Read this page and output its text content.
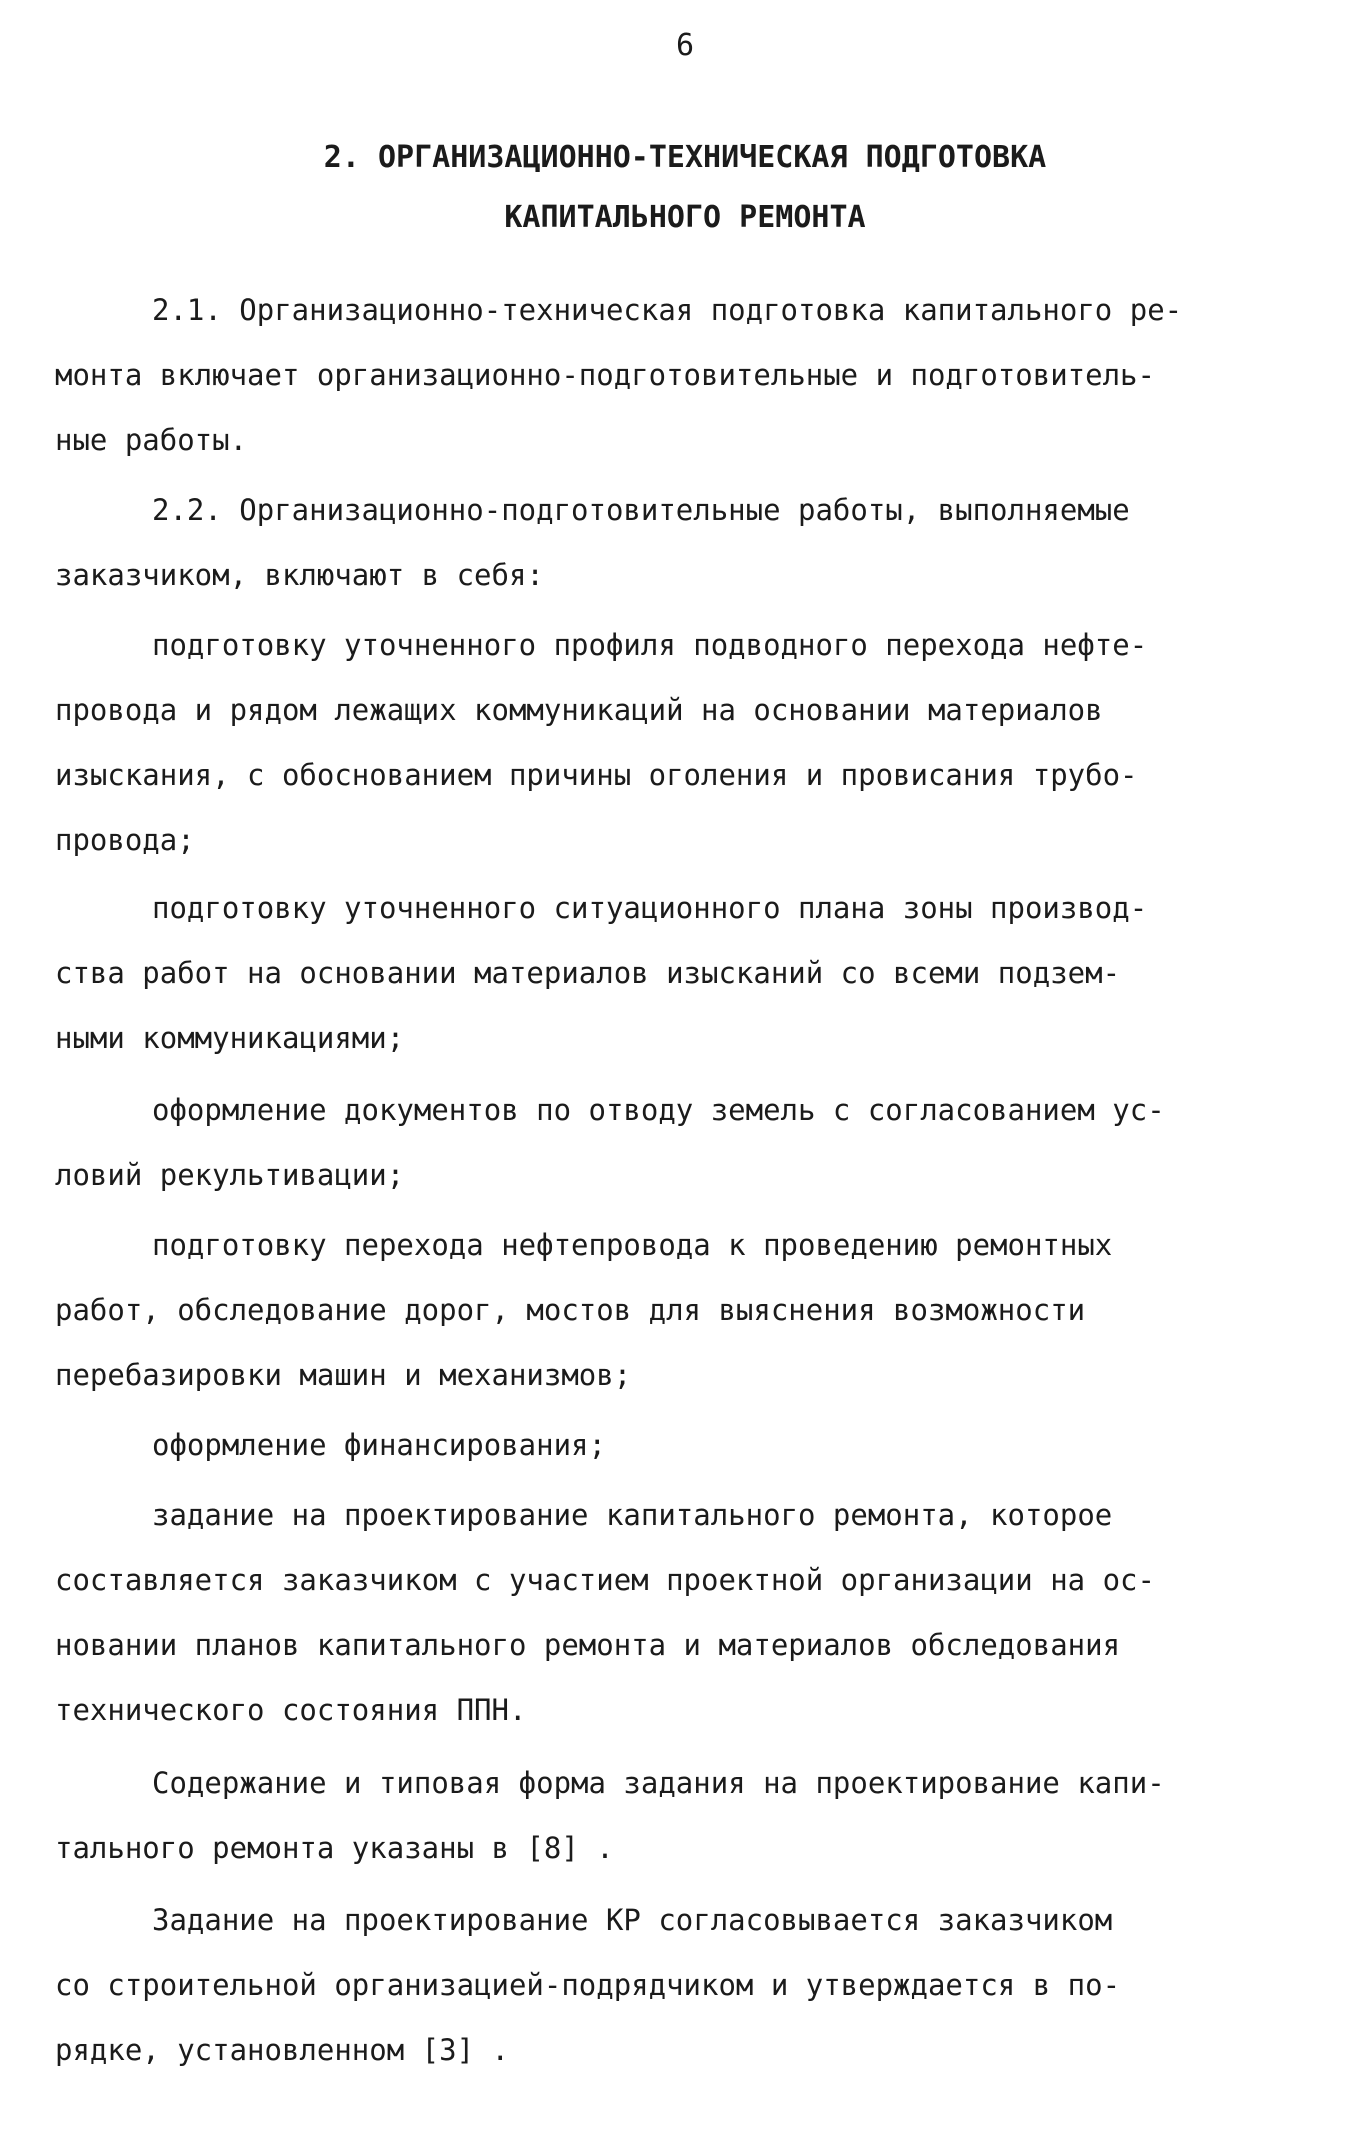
6
2. ОРГАНИЗАЦИОННО-ТЕХНИЧЕСКАЯ ПОДГОТОВКА
КАПИТАЛЬНОГО РЕМОНТА
2.1. Организационно-техническая подготовка капитального ре-
монта включает организационно-подготовительные и подготовитель-
ные работы.
2.2. Организационно-подготовительные работы, выполняемые
заказчиком, включают в себя:
подготовку уточненного профиля подводного перехода нефте-
провода и рядом лежащих коммуникаций на основании материалов
изыскания, с обоснованием причины оголения и провисания трубо-
провода;
подготовку уточненного ситуационного плана зоны производ-
ства работ на основании материалов изысканий со всеми подзем-
ными коммуникациями;
оформление документов по отводу земель с согласованием ус-
ловий рекультивации;
подготовку перехода нефтепровода к проведению ремонтных
работ, обследование дорог, мостов для выяснения возможности
перебазировки машин и механизмов;
оформление финансирования;
задание на проектирование капитального ремонта, которое
составляется заказчиком с участием проектной организации на ос-
новании планов капитального ремонта и материалов обследования
технического состояния ППН.
Содержание и типовая форма задания на проектирование капи-
тального ремонта указаны в [8] .
Задание на проектирование КР согласовывается заказчиком
со строительной организацией-подрядчиком и утверждается в по-
рядке, установленном [3] .
